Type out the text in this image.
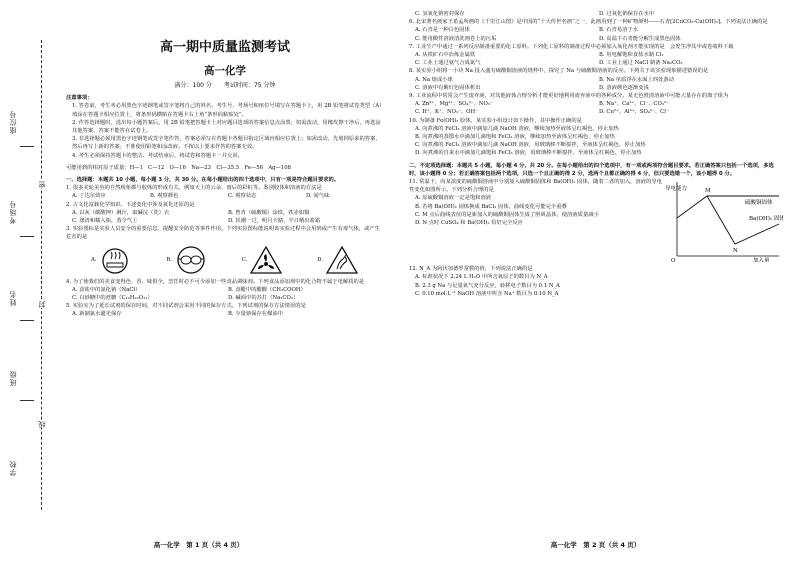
座位号
考场号
姓名
班级
学校
密
封
线
高一期中质量监测考试
高一化学
满分：100 分　　考试时间：75 分钟

注意事项：

1. 答卷前，考生务必用黑色字迹钢笔或签字笔将自己的姓名、考生号、考场号和座位号填写在答题卡上，用 2B 铅笔将试卷类型（A）填涂在答题卡相应位置上，将条形码横贴在答题卡右上角“条形码粘贴处”。

2. 作答选择题时，选出每小题答案后，用 2B 铅笔把答题卡上对应题目选项的答案信息点涂黑；如需改动，用橡皮擦干净后，再选涂其他答案，答案不能答在试卷上。

3. 非选择题必须用黑色字迹钢笔或签字笔作答，答案必须写在答题卡各题目指定区域内相应位置上；如需改动，先划掉原来的答案，然后再写上新的答案；不准使用铅笔和涂改液。不按以上要求作答的答案无效。

4. 考生必须保持答题卡的整洁。考试结束后，将试卷和答题卡一并交回。

可能用到的相对原子质量：H—1　C—12　O—16　Na—23　Cl—35.5　Fe—56　Ag—108

一、选择题：本题共 10 小题，每小题 3 分，共 30 分。在每小题给出的四个选项中，只有一项是符合题目要求的。

1. 很多美轮美奂的自然现象都与胶体的形成有关，例如天上的云朵、雨后的彩虹等。鉴别胶体和溶液的方法是

A. 丁达尔效应	B. 观察颜色	C. 观察状态	D. 闻气味

2. 古文化富载化学知识。下述变化中涉及氧化还原的是

A. 以灰（碳酸钾）淋汁，取碱浣（洗）衣	B. 曾青（硫酸铜）涂铁，铁赤如铜
C. 涤清和糯入瓶，蒸令气上	D. 侯潮一过，明月天睛，半日晒出盐霜

3. 实验图标是实验人员安全的重要信息，提醒安全防范等事件作用。下列实验图标能说明该实验过程中会用到或产生有毒气体，或产生危害的是

A.	B.	C.	D.

4. 为了使我们的美食变得色、香、味俱全，烹饪时必不可少添加一些食品调味剂。下列食品添加剂中的化合物不属于电解质的是

A. 食盐中的氯化钠（NaCl）	B. 食醋中的醋酸（CH₃COOH）
C. 白砂糖中的蔗糖（C₁₂H₂₂O₁₁）	D. 碱面中的苏打（Na₂CO₃）

5. 实验室为了延长试剂的保存时间，对不同试剂会采用不同的保存方式。下列试剂的保存方法错误的是

A. 新制氯水避光保存	B. 少量钠保存在煤油中
高一化学　第 1 页（共 4 页）
C. 氢氧化钠密封保存	D. 过氧化钠保存在水中

6. 北宋著名画家王希孟所画的《千里江山图》是中国的“十大传世名画”之一，此画用到了一种矿物颜料——石青[2CuCO₃·Cu(OH)₂]。下列说法正确的是

A. 石青是一种白色固体	B. 石青易溶于水
C. 能用酸性溶液清洗画卷上的污垢	D. 高温下石青能分解生成黑色固体

7. 工业生产中通过一系列反应制备重要的化工原料。下列化工原料的制备过程中必须加入氧化剂才能实现的是　会发生净其中或卷收料下载

A. 从铁矿石中冶炼金属铁	B. 用电解饱和食盐水制 Cl₂
C. 工业上通过氨气合成氮气	D. 工业上通过 NaCl 制备 Na₂CO₃

8. 某实验小组将一小块 Na 投入盛有硫酸铜溶液的烧杯中，探究了 Na 与硫酸铜溶液的反应。下列关于该实验现象描述错误的是

A. Na 熔成小球	B. Na 单质浮在水面上四处游动
C. 溶液中有紫红色固体析出	D. 溶液颜色逐渐变浅

9. 工业流程中常常会产生废弃液，对其他液体合理分析才能更好地利用废弃液中的各种成分。某无色澄清溶液中可能大量存在的离子组为

A. Zn²⁺、Mg²⁺、SO₄²⁻、NO₃⁻	B. Na⁺、Ca²⁺、Cl⁻、CO₃²⁻
C. H⁺、K⁺、NO₃⁻、OH⁻	D. Cu²⁺、Al³⁺、SO₄²⁻、Cl⁻

10. 为制备 Fe(OH)₃ 胶体，某实验小组设计如下操作，其中操作正确的是

A. 向煮沸的 FeCl₃ 溶液中滴加几滴 NaOH 溶液，继续加热至液体呈红褐色，停止加热

B. 向煮沸的蒸馏水中滴加几滴饱和 FeCl₃ 溶液，继续加热至液体呈红褐色，停止加热

C. 向煮沸的 FeCl₃ 溶液中滴加几滴 NaOH 溶液，用玻璃棒不断搅拌，至液体呈红褐色，停止加热

D. 向煮沸的自来水中滴加几滴饱和 FeCl₃ 溶液，用玻璃棒不断搅拌，至液体呈红褐色，停止加热

二、不定项选择题：本题共 5 小题，每小题 4 分，共 20 分。在每小题给出的四个选项中，有一项或两项符合题目要求。若正确答案只包括一个选项，多选时，该小题得 0 分；若正确答案包括两个选项，只选一个且正确的得 2 分，选两个且都正确的得 4 分，但只要选错一个，该小题得 0 分。

11. 常温下，向某浓度的硫酸铜溶液中分别加入硫酸铜固体和 Ba(OH)₂ 固体，随着二者的加入，溶液的导电性变化如图所示。下列分析合理的是

A. 原硫酸铜溶液一定是饱和溶液

B. 若将 Ba(OH)₂ 固体换成 BaCl₂ 固体，曲线变化可能完全重叠

C. M 点后曲线表征的是新加入的硫酸铜固体生成了胆矾晶体，使溶液质量减小

D. N 点时 CuSO₄ 和 Ba(OH)₂ 恰好完全反应

导电能力
O
M
N
硫酸铜固体
Ba(OH)₂ 固体
加入量

12. N_A 为阿伏加德罗常数的值，下列说法正确的是

A. 标准状况下 2.24 L H₂O 中所含氧原子的数目为 N_A

B. 2.3 g Na 与足量氧气充分反应，转移电子数目为 0.1 N_A

C. 0.10 mol·L⁻¹ NaOH 溶液中所含 Na⁺ 数目为 0.10 N_A

高一化学　第 2 页（共 4 页）
